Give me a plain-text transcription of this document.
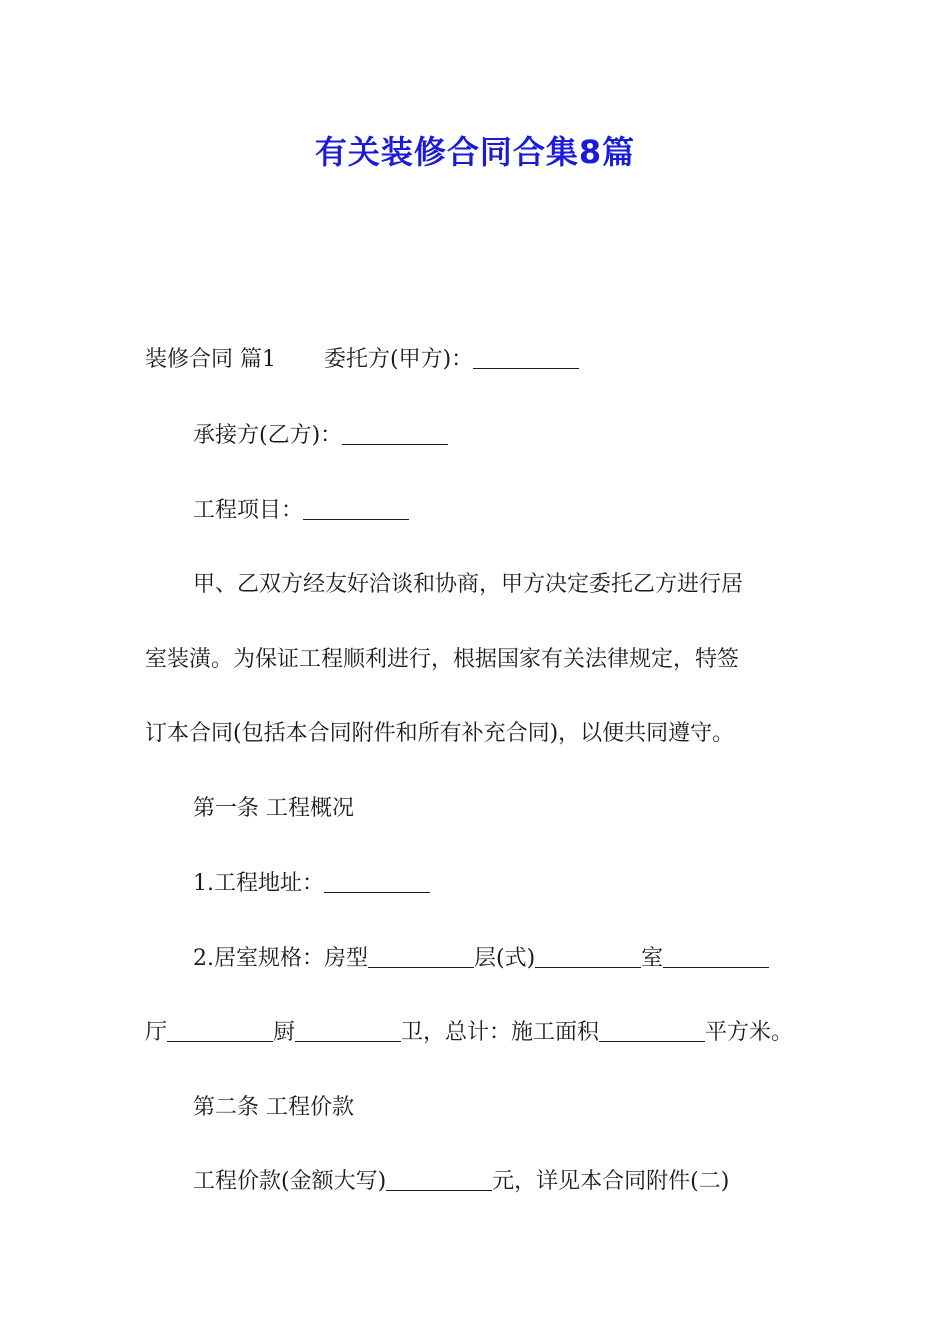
有关装修合同合集8篇
装修合同 篇1 委托方(甲方)：
承接方(乙方)：
工程项目：
甲、乙双方经友好洽谈和协商，甲方决定委托乙方进行居
室装潢。为保证工程顺利进行，根据国家有关法律规定，特签
订本合同(包括本合同附件和所有补充合同)，以便共同遵守。
第一条 工程概况
1.工程地址：
2.居室规格：房型	层(式)	室
厅	厨	卫，总计：施工面积	平方米。
第二条 工程价款
工程价款(金额大写)	元，详见本合同附件(二)
